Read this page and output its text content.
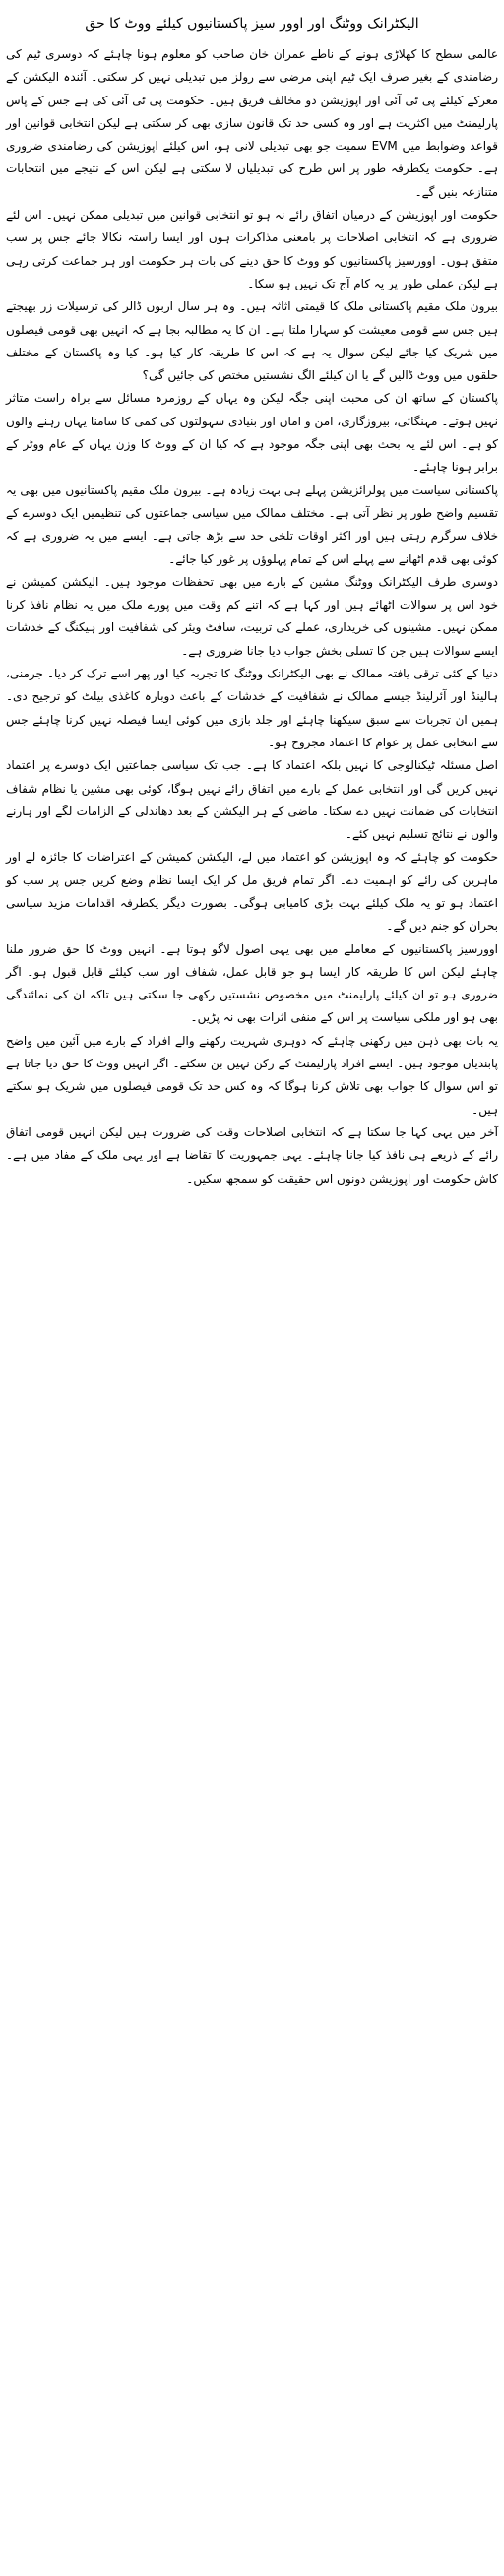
الیکٹرانک ووٹنگ اور اوور سیز پاکستانیوں کیلئے ووٹ کا حق

عالمی سطح کا کھلاڑی ہونے کے ناطے عمران خان صاحب کو معلوم ہونا چاہئے کہ دوسری ٹیم کی رضامندی کے بغیر صرف ایک ٹیم اپنی مرضی سے رولز میں تبدیلی نہیں کر سکتی۔ آئندہ الیکشن کے معرکے کیلئے پی ٹی آئی اور اپوزیشن دو مخالف فریق ہیں۔ حکومت پی ٹی آئی کی ہے جس کے پاس پارلیمنٹ میں اکثریت ہے اور وہ کسی حد تک قانون سازی بھی کر سکتی ہے لیکن انتخابی قوانین اور قواعد وضوابط میں EVM سمیت جو بھی تبدیلی لانی ہو، اس کیلئے اپوزیشن کی رضامندی ضروری ہے۔ حکومت یکطرفہ طور پر اس طرح کی تبدیلیاں لا سکتی ہے لیکن اس کے نتیجے میں انتخابات متنازعہ بنیں گے۔

حکومت اور اپوزیشن کے درمیان اتفاق رائے نہ ہو تو انتخابی قوانین میں تبدیلی ممکن نہیں۔ اس لئے ضروری ہے کہ انتخابی اصلاحات پر بامعنی مذاکرات ہوں اور ایسا راستہ نکالا جائے جس پر سب متفق ہوں۔ اوورسیز پاکستانیوں کو ووٹ کا حق دینے کی بات ہر حکومت اور ہر جماعت کرتی رہی ہے لیکن عملی طور پر یہ کام آج تک نہیں ہو سکا۔

بیرون ملک مقیم پاکستانی ملک کا قیمتی اثاثہ ہیں۔ وہ ہر سال اربوں ڈالر کی ترسیلات زر بھیجتے ہیں جس سے قومی معیشت کو سہارا ملتا ہے۔ ان کا یہ مطالبہ بجا ہے کہ انہیں بھی قومی فیصلوں میں شریک کیا جائے لیکن سوال یہ ہے کہ اس کا طریقہ کار کیا ہو۔ کیا وہ پاکستان کے مختلف حلقوں میں ووٹ ڈالیں گے یا ان کیلئے الگ نشستیں مختص کی جائیں گی؟

پاکستان کے ساتھ ان کی محبت اپنی جگہ لیکن وہ یہاں کے روزمرہ مسائل سے براہ راست متاثر نہیں ہوتے۔ مہنگائی، بیروزگاری، امن و امان اور بنیادی سہولتوں کی کمی کا سامنا یہاں رہنے والوں کو ہے۔ اس لئے یہ بحث بھی اپنی جگہ موجود ہے کہ کیا ان کے ووٹ کا وزن یہاں کے عام ووٹر کے برابر ہونا چاہئے۔

پاکستانی سیاست میں پولرائزیشن پہلے ہی بہت زیادہ ہے۔ بیرون ملک مقیم پاکستانیوں میں بھی یہ تقسیم واضح طور پر نظر آتی ہے۔ مختلف ممالک میں سیاسی جماعتوں کی تنظیمیں ایک دوسرے کے خلاف سرگرم رہتی ہیں اور اکثر اوقات تلخی حد سے بڑھ جاتی ہے۔ ایسے میں یہ ضروری ہے کہ کوئی بھی قدم اٹھانے سے پہلے اس کے تمام پہلوؤں پر غور کیا جائے۔

دوسری طرف الیکٹرانک ووٹنگ مشین کے بارے میں بھی تحفظات موجود ہیں۔ الیکشن کمیشن نے خود اس پر سوالات اٹھائے ہیں اور کہا ہے کہ اتنے کم وقت میں پورے ملک میں یہ نظام نافذ کرنا ممکن نہیں۔ مشینوں کی خریداری، عملے کی تربیت، سافٹ ویئر کی شفافیت اور ہیکنگ کے خدشات ایسے سوالات ہیں جن کا تسلی بخش جواب دیا جانا ضروری ہے۔

دنیا کے کئی ترقی یافتہ ممالک نے بھی الیکٹرانک ووٹنگ کا تجربہ کیا اور پھر اسے ترک کر دیا۔ جرمنی، ہالینڈ اور آئرلینڈ جیسے ممالک نے شفافیت کے خدشات کے باعث دوبارہ کاغذی بیلٹ کو ترجیح دی۔ ہمیں ان تجربات سے سبق سیکھنا چاہئے اور جلد بازی میں کوئی ایسا فیصلہ نہیں کرنا چاہئے جس سے انتخابی عمل پر عوام کا اعتماد مجروح ہو۔

اصل مسئلہ ٹیکنالوجی کا نہیں بلکہ اعتماد کا ہے۔ جب تک سیاسی جماعتیں ایک دوسرے پر اعتماد نہیں کریں گی اور انتخابی عمل کے بارے میں اتفاق رائے نہیں ہوگا، کوئی بھی مشین یا نظام شفاف انتخابات کی ضمانت نہیں دے سکتا۔ ماضی کے ہر الیکشن کے بعد دھاندلی کے الزامات لگے اور ہارنے والوں نے نتائج تسلیم نہیں کئے۔

حکومت کو چاہئے کہ وہ اپوزیشن کو اعتماد میں لے، الیکشن کمیشن کے اعتراضات کا جائزہ لے اور ماہرین کی رائے کو اہمیت دے۔ اگر تمام فریق مل کر ایک ایسا نظام وضع کریں جس پر سب کو اعتماد ہو تو یہ ملک کیلئے بہت بڑی کامیابی ہوگی۔ بصورت دیگر یکطرفہ اقدامات مزید سیاسی بحران کو جنم دیں گے۔

اوورسیز پاکستانیوں کے معاملے میں بھی یہی اصول لاگو ہوتا ہے۔ انہیں ووٹ کا حق ضرور ملنا چاہئے لیکن اس کا طریقہ کار ایسا ہو جو قابل عمل، شفاف اور سب کیلئے قابل قبول ہو۔ اگر ضروری ہو تو ان کیلئے پارلیمنٹ میں مخصوص نشستیں رکھی جا سکتی ہیں تاکہ ان کی نمائندگی بھی ہو اور ملکی سیاست پر اس کے منفی اثرات بھی نہ پڑیں۔

یہ بات بھی ذہن میں رکھنی چاہئے کہ دوہری شہریت رکھنے والے افراد کے بارے میں آئین میں واضح پابندیاں موجود ہیں۔ ایسے افراد پارلیمنٹ کے رکن نہیں بن سکتے۔ اگر انہیں ووٹ کا حق دیا جاتا ہے تو اس سوال کا جواب بھی تلاش کرنا ہوگا کہ وہ کس حد تک قومی فیصلوں میں شریک ہو سکتے ہیں۔

آخر میں یہی کہا جا سکتا ہے کہ انتخابی اصلاحات وقت کی ضرورت ہیں لیکن انہیں قومی اتفاق رائے کے ذریعے ہی نافذ کیا جانا چاہئے۔ یہی جمہوریت کا تقاضا ہے اور یہی ملک کے مفاد میں ہے۔ کاش حکومت اور اپوزیشن دونوں اس حقیقت کو سمجھ سکیں۔
